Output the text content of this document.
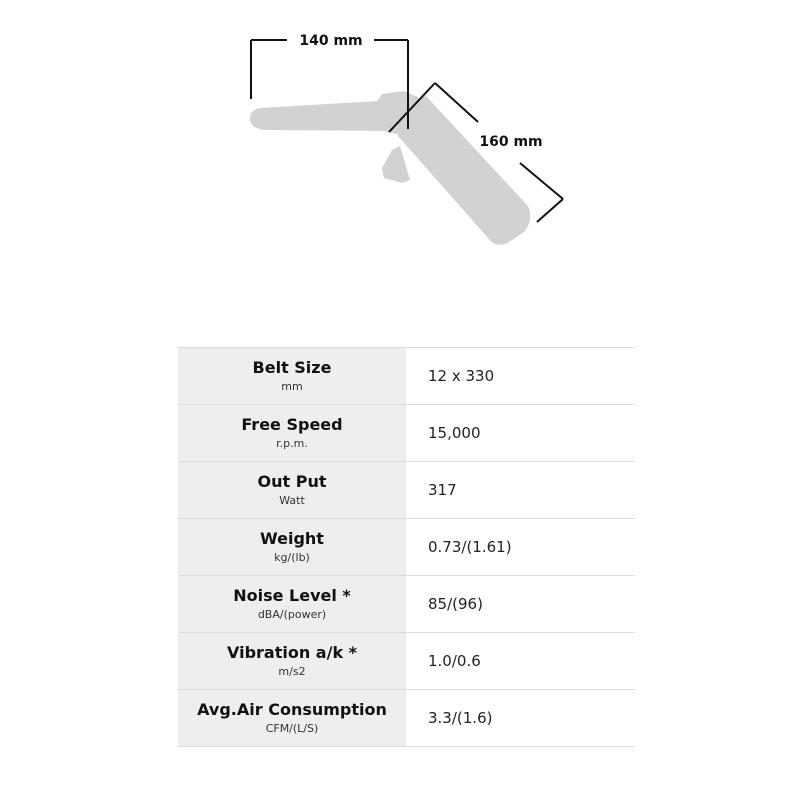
140 mm
160 mm
Belt Size
mm	12 x 330

Free Speed
r.p.m.	15,000

Out Put
Watt	317

Weight
kg/(lb)	0.73/(1.61)

Noise Level *
dBA/(power)	85/(96)

Vibration a/k *
m/s2	1.0/0.6

Avg.Air Consumption
CFM/(L/S)	3.3/(1.6)
